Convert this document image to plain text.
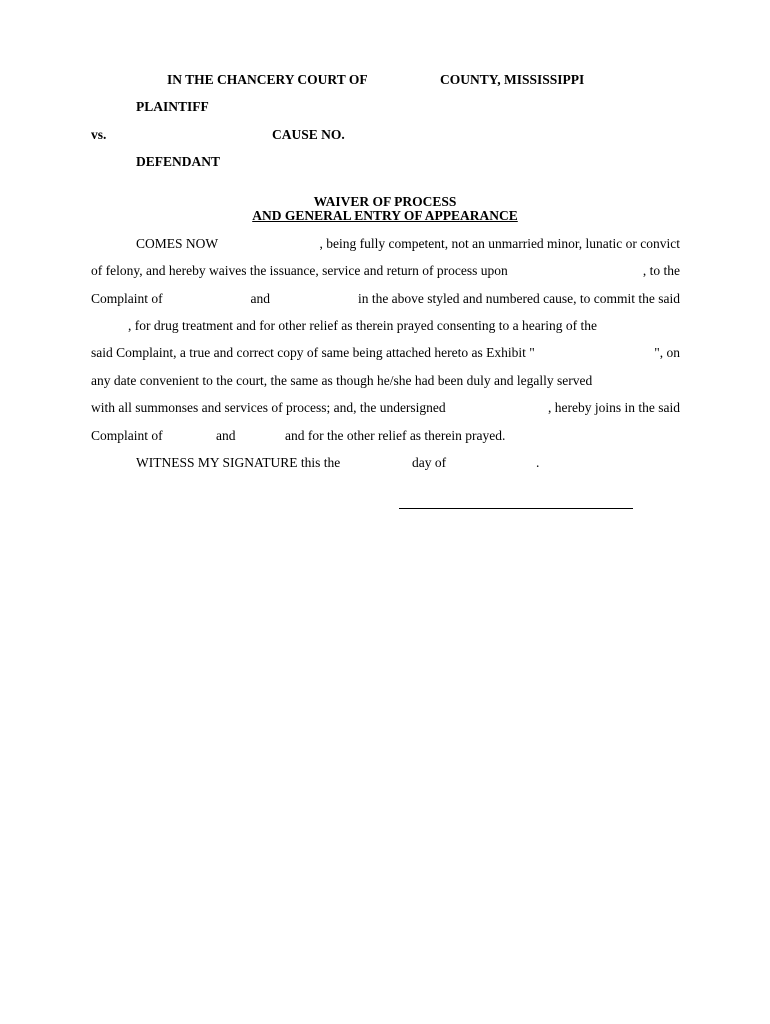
IN THE CHANCERY COURT OF	COUNTY, MISSISSIPPI
PLAINTIFF
vs.	CAUSE NO.
DEFENDANT
WAIVER OF PROCESS
AND GENERAL ENTRY OF APPEARANCE
COMES NOW	, being fully competent, not an unmarried minor, lunatic or convict
of felony, and hereby waives the issuance, service and return of process upon	, to the
Complaint of	and	in the above styled and numbered cause, to commit the said
, for drug treatment and for other relief as therein prayed consenting to a hearing of the
said Complaint, a true and correct copy of same being attached hereto as Exhibit "	", on
any date convenient to the court, the same as though he/she had been duly and legally served
with all summonses and services of process; and, the undersigned	, hereby joins in the said
Complaint of	and	and for the other relief as therein prayed.
WITNESS MY SIGNATURE this the	day of	.
